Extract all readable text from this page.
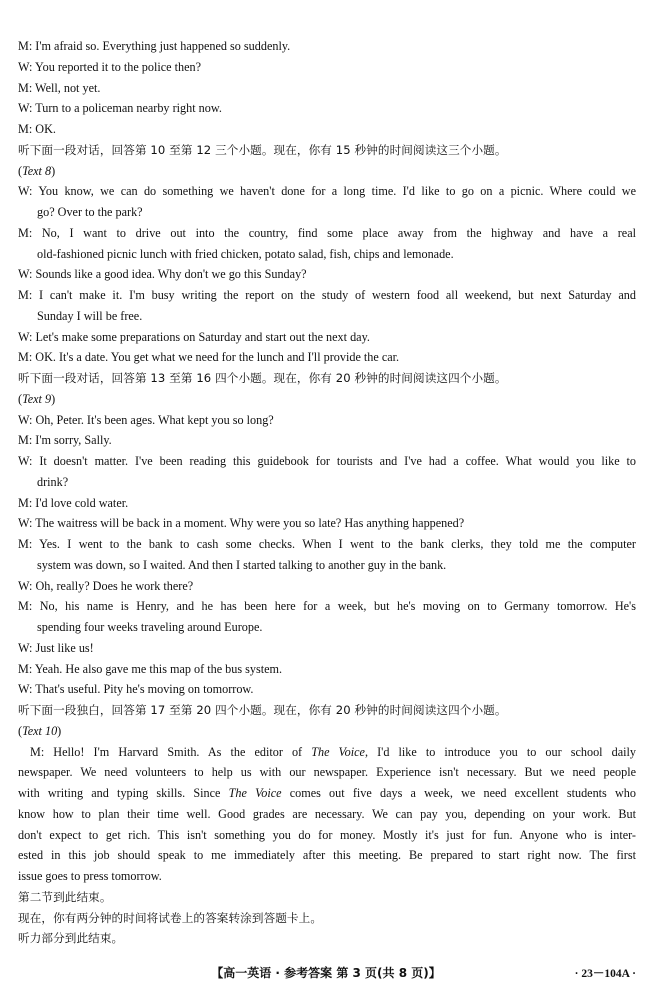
M: I'm afraid so. Everything just happened so suddenly.
W: You reported it to the police then?
M: Well, not yet.
W: Turn to a policeman nearby right now.
M: OK.
听下面一段对话，回答第 10 至第 12 三个小题。现在，你有 15 秒钟的时间阅读这三个小题。
(Text 8)
W: You know, we can do something we haven't done for a long time. I'd like to go on a picnic. Where could we
go? Over to the park?
M: No, I want to drive out into the country, find some place away from the highway and have a real
old-fashioned picnic lunch with fried chicken, potato salad, fish, chips and lemonade.
W: Sounds like a good idea. Why don't we go this Sunday?
M: I can't make it. I'm busy writing the report on the study of western food all weekend, but next Saturday and
Sunday I will be free.
W: Let's make some preparations on Saturday and start out the next day.
M: OK. It's a date. You get what we need for the lunch and I'll provide the car.
听下面一段对话，回答第 13 至第 16 四个小题。现在，你有 20 秒钟的时间阅读这四个小题。
(Text 9)
W: Oh, Peter. It's been ages. What kept you so long?
M: I'm sorry, Sally.
W: It doesn't matter. I've been reading this guidebook for tourists and I've had a coffee. What would you like to
drink?
M: I'd love cold water.
W: The waitress will be back in a moment. Why were you so late? Has anything happened?
M: Yes. I went to the bank to cash some checks. When I went to the bank clerks, they told me the computer
system was down, so I waited. And then I started talking to another guy in the bank.
W: Oh, really? Does he work there?
M: No, his name is Henry, and he has been here for a week, but he's moving on to Germany tomorrow. He's
spending four weeks traveling around Europe.
W: Just like us!
M: Yeah. He also gave me this map of the bus system.
W: That's useful. Pity he's moving on tomorrow.
听下面一段独白，回答第 17 至第 20 四个小题。现在，你有 20 秒钟的时间阅读这四个小题。
(Text 10)
M: Hello! I'm Harvard Smith. As the editor of The Voice, I'd like to introduce you to our school daily
newspaper. We need volunteers to help us with our newspaper. Experience isn't necessary. But we need people
with writing and typing skills. Since The Voice comes out five days a week, we need excellent students who
know how to plan their time well. Good grades are necessary. We can pay you, depending on your work. But
don't expect to get rich. This isn't something you do for money. Mostly it's just for fun. Anyone who is inter-
ested in this job should speak to me immediately after this meeting. Be prepared to start right now. The first
issue goes to press tomorrow.
第二节到此结束。
现在，你有两分钟的时间将试卷上的答案转涂到答题卡上。
听力部分到此结束。
【高一英语 · 参考答案 第 3 页(共 8 页)】	· 23－104A ·
